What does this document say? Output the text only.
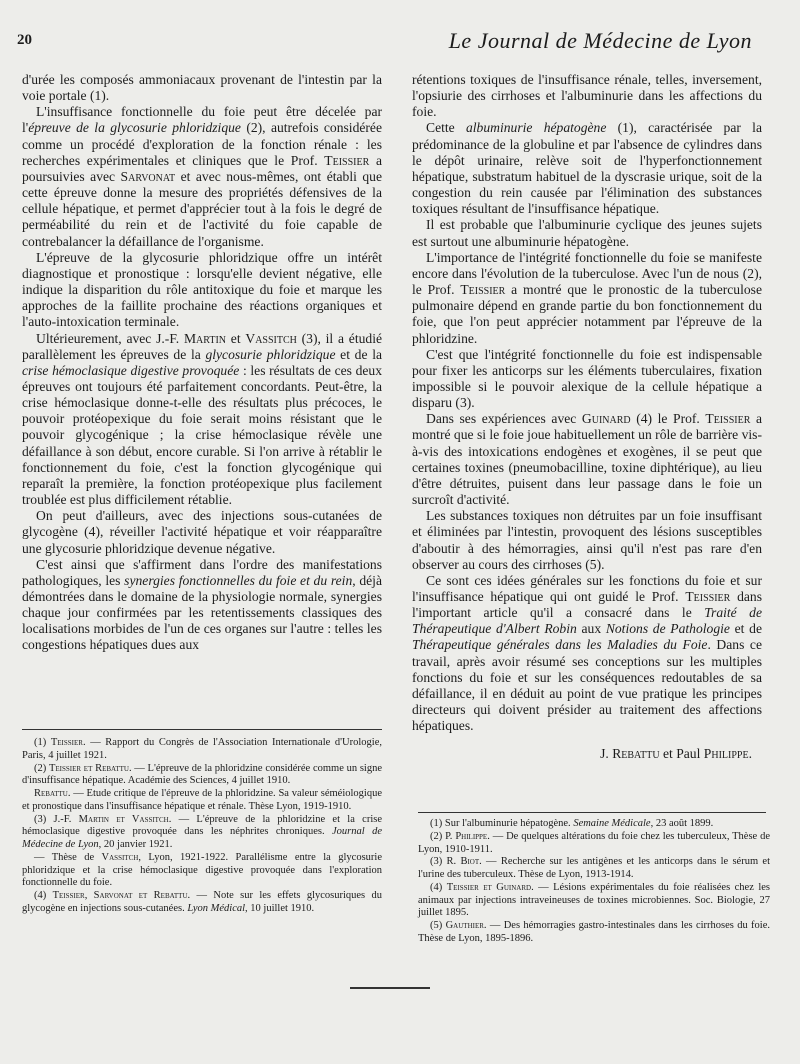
20	Le Journal de Médecine de Lyon

d'urée les composés ammoniacaux provenant de l'intestin par la voie portale (1).

L'insuffisance fonctionnelle du foie peut être décelée par l'épreuve de la glycosurie phloridzique (2), autrefois considérée comme un procédé d'exploration de la fonction rénale : les recherches expérimentales et cliniques que le Prof. Teissier a poursuivies avec Sarvonat et avec nous-mêmes, ont établi que cette épreuve donne la mesure des propriétés défensives de la cellule hépatique, et permet d'apprécier tout à la fois le degré de perméabilité du rein et de l'activité du foie capable de contrebalancer la défaillance de l'organisme.

L'épreuve de la glycosurie phloridzique offre un intérêt diagnostique et pronostique : lorsqu'elle devient négative, elle indique la disparition du rôle antitoxique du foie et marque les approches de la faillite prochaine des réactions organiques et l'auto-intoxication terminale.

Ultérieurement, avec J.-F. Martin et Vassitch (3), il a étudié parallèlement les épreuves de la glycosurie phloridzique et de la crise hémoclasique digestive provoquée : les résultats de ces deux épreuves ont toujours été parfaitement concordants. Peut-être, la crise hémoclasique donne-t-elle des résultats plus précoces, le pouvoir protéopexique du foie serait moins résistant que le pouvoir glycogénique ; la crise hémoclasique révèle une défaillance à son début, encore curable. Si l'on arrive à rétablir le fonctionnement du foie, c'est la fonction glycogénique qui reparaît la première, la fonction protéopexique plus facilement troublée est plus difficilement rétablie.

On peut d'ailleurs, avec des injections sous-cutanées de glycogène (4), réveiller l'activité hépatique et voir réapparaître une glycosurie phloridzique devenue négative.

C'est ainsi que s'affirment dans l'ordre des manifestations pathologiques, les synergies fonctionnelles du foie et du rein, déjà démontrées dans le domaine de la physiologie normale, synergies chaque jour confirmées par les retentissements classiques des localisations morbides de l'un de ces organes sur l'autre : telles les congestions hépatiques dues aux

rétentions toxiques de l'insuffisance rénale, telles, inversement, l'opsiurie des cirrhoses et l'albuminurie dans les affections du foie.

Cette albuminurie hépatogène (1), caractérisée par la prédominance de la globuline et par l'absence de cylindres dans le dépôt urinaire, relève soit de l'hyperfonctionnement hépatique, substratum habituel de la dyscrasie urique, soit de la congestion du rein causée par l'élimination des substances toxiques résultant de l'insuffisance hépatique.

Il est probable que l'albuminurie cyclique des jeunes sujets est surtout une albuminurie hépatogène.

L'importance de l'intégrité fonctionnelle du foie se manifeste encore dans l'évolution de la tuberculose. Avec l'un de nous (2), le Prof. Teissier a montré que le pronostic de la tuberculose pulmonaire dépend en grande partie du bon fonctionnement du foie, que l'on peut apprécier notamment par l'épreuve de la phloridzine.

C'est que l'intégrité fonctionnelle du foie est indispensable pour fixer les anticorps sur les éléments tuberculaires, fixation impossible si le pouvoir alexique de la cellule hépatique a disparu (3).

Dans ses expériences avec Guinard (4) le Prof. Teissier a montré que si le foie joue habituellement un rôle de barrière vis-à-vis des intoxications endogènes et exogènes, il se peut que certaines toxines (pneumobacilline, toxine diphtérique), au lieu d'être détruites, puisent dans leur passage dans le foie un surcroît d'activité.

Les substances toxiques non détruites par un foie insuffisant et éliminées par l'intestin, provoquent des lésions susceptibles d'aboutir à des hémorragies, ainsi qu'il n'est pas rare d'en observer au cours des cirrhoses (5).

Ce sont ces idées générales sur les fonctions du foie et sur l'insuffisance hépatique qui ont guidé le Prof. Teissier dans l'important article qu'il a consacré dans le Traité de Thérapeutique d'Albert Robin aux Notions de Pathologie et de Thérapeutique générales dans les Maladies du Foie. Dans ce travail, après avoir résumé ses conceptions sur les multiples fonctions du foie et sur les conséquences redoutables de sa défaillance, il en déduit au point de vue pratique les principes directeurs qui doivent présider au traitement des affections hépatiques.

J. Rebattu et Paul Philippe.

(1) Teissier. — Rapport du Congrès de l'Association Internationale d'Urologie, Paris, 4 juillet 1921.

(2) Teissier et Rebattu. — L'épreuve de la phloridzine considérée comme un signe d'insuffisance hépatique. Académie des Sciences, 4 juillet 1910.

Rebattu. — Etude critique de l'épreuve de la phloridzine. Sa valeur séméiologique et pronostique dans l'insuffisance hépatique et rénale. Thèse Lyon, 1919-1910.

(3) J.-F. Martin et Vassitch. — L'épreuve de la phloridzine et la crise hémoclasique digestive provoquée dans les néphrites chroniques. Journal de Médecine de Lyon, 20 janvier 1921.

— Thèse de Vassitch, Lyon, 1921-1922. Parallélisme entre la glycosurie phloridzique et la crise hémoclasique digestive provoquée dans l'exploration fonctionnelle du foie.

(4) Teissier, Sarvonat et Rebattu. — Note sur les effets glycosuriques du glycogène en injections sous-cutanées. Lyon Médical, 10 juillet 1910.

(1) Sur l'albuminurie hépatogène. Semaine Médicale, 23 août 1899.

(2) P. Philippe. — De quelques altérations du foie chez les tuberculeux, Thèse de Lyon, 1910-1911.

(3) R. Biot. — Recherche sur les antigènes et les anticorps dans le sérum et l'urine des tuberculeux. Thèse de Lyon, 1913-1914.

(4) Teissier et Guinard. — Lésions expérimentales du foie réalisées chez les animaux par injections intraveineuses de toxines microbiennes. Soc. Biologie, 27 juillet 1895.

(5) Gauthier. — Des hémorragies gastro-intestinales dans les cirrhoses du foie. Thèse de Lyon, 1895-1896.
